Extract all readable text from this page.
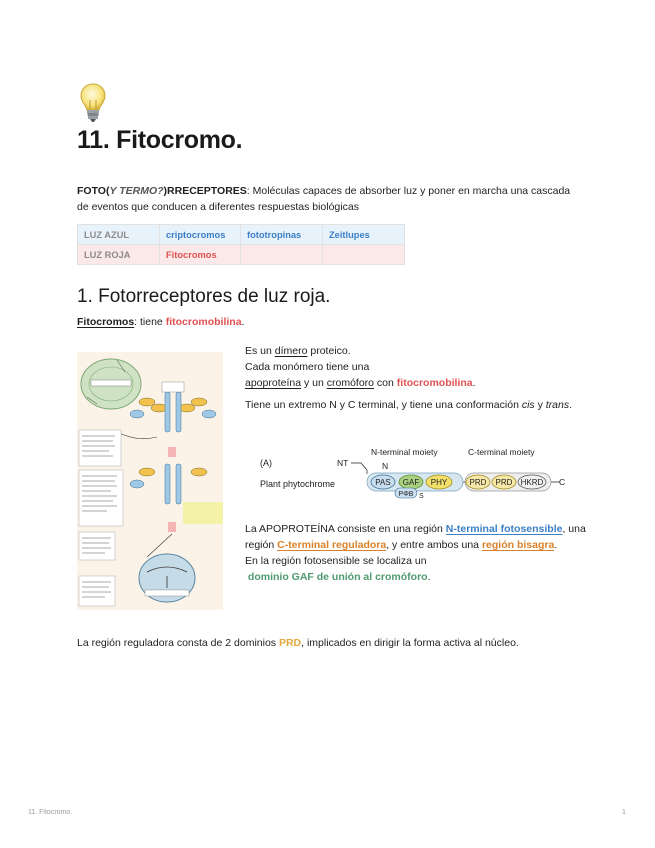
11. Fitocromo.
FOTO(Y TERMO?)RRECEPTORES: Moléculas capaces de absorber luz y poner en marcha una cascada de eventos que conducen a diferentes respuestas biológicas
LUZ AZUL	criptocromos	fototropinas	Zeitlupes
LUZ ROJA	Fitocromos		
1. Fotorreceptores de luz roja.
Fitocromos: tiene fitocromobilina.
Es un dímero proteico.
Cada monómero tiene una
apoproteína y un cromóforo con fitocromobilina.
Tiene un extremo N y C terminal, y tiene una conformación cis y trans.
(A)
Plant phytochrome
N-terminal moiety	C-terminal moiety
NT	N
PAS GAF PHY	PRD PRD HKRD C
PΦB S
La APOPROTEÍNA consiste en una región N-terminal fotosensible, una región C-terminal reguladora, y entre ambos una región bisagra.
En la región fotosensible se localiza un
dominio GAF de unión al cromóforo.
La región reguladora consta de 2 dominios PRD, implicados en dirigir la forma activa al núcleo.
11. Fitocromo.	1
